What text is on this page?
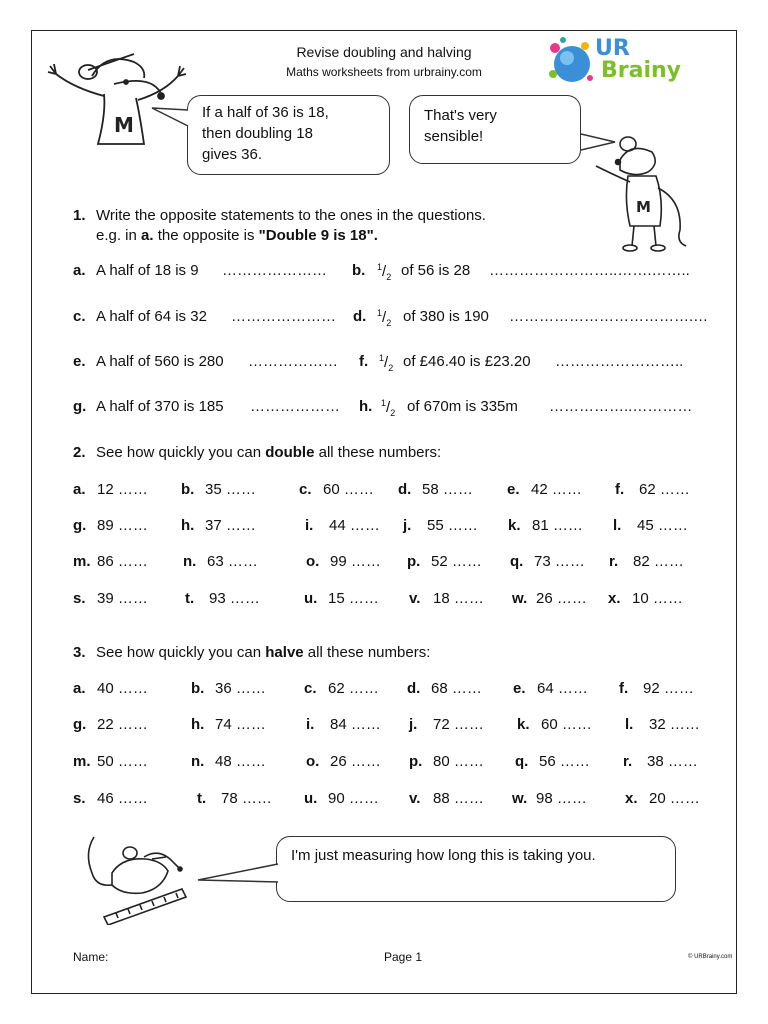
Revise doubling and halving
Maths worksheets from urbrainy.com
UR
Brainy
M
If a half of 36 is 18,
then doubling 18
gives 36.
That's very
sensible!
M
1. Write the opposite statements to the ones in the questions.
e.g. in a. the opposite is "Double 9 is 18".
a. A half of 18 is 9 ………………… b. $^1/_2$ of 56 is 28 ……………………..…….……..
c. A half of 64 is 32 ………………… d. $^1/_2$ of 380 is 190 ……………………………….…
e. A half of 560 is 280 ……………… f. $^1/_2$ of £46.40 is £23.20 ……………………..
g. A half of 370 is 185 ……………… h. $^1/_2$ of 670m is 335m ……………..…………
2. See how quickly you can double all these numbers:
a. 12 …… b. 35 ……	c. 60 …… d. 58 …… e. 42 …… f. 62 ……
g. 89 …… h. 37 ……	i. 44 …… j. 55 …… k. 81 …… l. 45 ……
m. 86 …… n. 63 ……	o. 99 …… p. 52 …… q. 73 …… r. 82 ……
s. 39 …… t. 93 ……	u. 15 …… v. 18 …… w. 26 …… x. 10 ……
3. See how quickly you can halve all these numbers:
a. 40 ……	b. 36 ……	c. 62 …… d. 68 …… e. 64 …… f. 92 ……
g. 22 ……	h. 74 ……	i. 84 …… j. 72 …… k. 60 …… l. 32 ……
m. 50 ……	n. 48 ……	o. 26 …… p. 80 …… q. 56 …… r. 38 ……
s. 46 ……	t. 78 …… u. 90 …… v. 88 …… w. 98 ……	x. 20 ……
I'm just measuring how long this is taking you.
Name:	Page 1	© URBrainy.com
